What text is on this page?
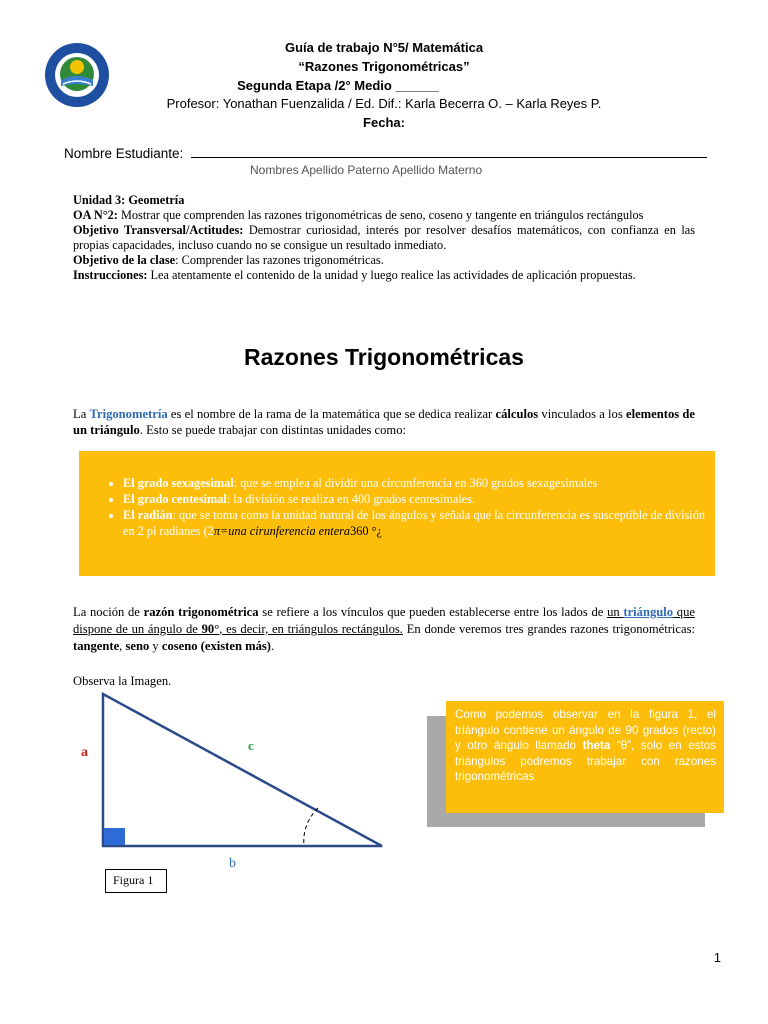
Guía de trabajo N°5/ Matemática
“Razones Trigonométricas”
Segunda Etapa /2° Medio ______
Profesor: Yonathan Fuenzalida / Ed. Dif.: Karla Becerra O. – Karla Reyes P.
Fecha:
Nombre Estudiante:
Nombres Apellido Paterno Apellido Materno

Unidad 3: Geometría

OA N°2: Mostrar que comprenden las razones trigonométricas de seno, coseno y tangente en triángulos rectángulos

Objetivo Transversal/Actitudes: Demostrar curiosidad, interés por resolver desafíos matemáticos, con confianza en las propias capacidades, incluso cuando no se consigue un resultado inmediato.

Objetivo de la clase: Comprender las razones trigonométricas.

Instrucciones: Lea atentamente el contenido de la unidad y luego realice las actividades de aplicación propuestas.

Razones Trigonométricas

La Trigonometría es el nombre de la rama de la matemática que se dedica realizar cálculos vinculados a los elementos de un triángulo. Esto se puede trabajar con distintas unidades como:

• El grado sexagesimal: que se emplea al dividir una circunferencia en 360 grados sexagesimales
• El grado centesimal: la división se realiza en 400 grados centesimales.
• El radián: que se toma como la unidad natural de los ángulos y señala que la circunferencia es susceptible de división en 2 pi radianes (2π=una cirunferencia entera360 °¿

La noción de razón trigonométrica se refiere a los vínculos que pueden establecerse entre los lados de un triángulo que dispone de un ángulo de 90°, es decir, en triángulos rectángulos. En donde veremos tres grandes razones trigonométricas: tangente, seno y coseno (existen más).

Observa la Imagen.
a	c
b
Figura 1
Como podemos observar en la figura 1, el triángulo contiene un ángulo de 90 grados (recto) y otro ángulo llamado theta “θ”, solo en estos triángulos podremos trabajar con razones trigonométricas
1
